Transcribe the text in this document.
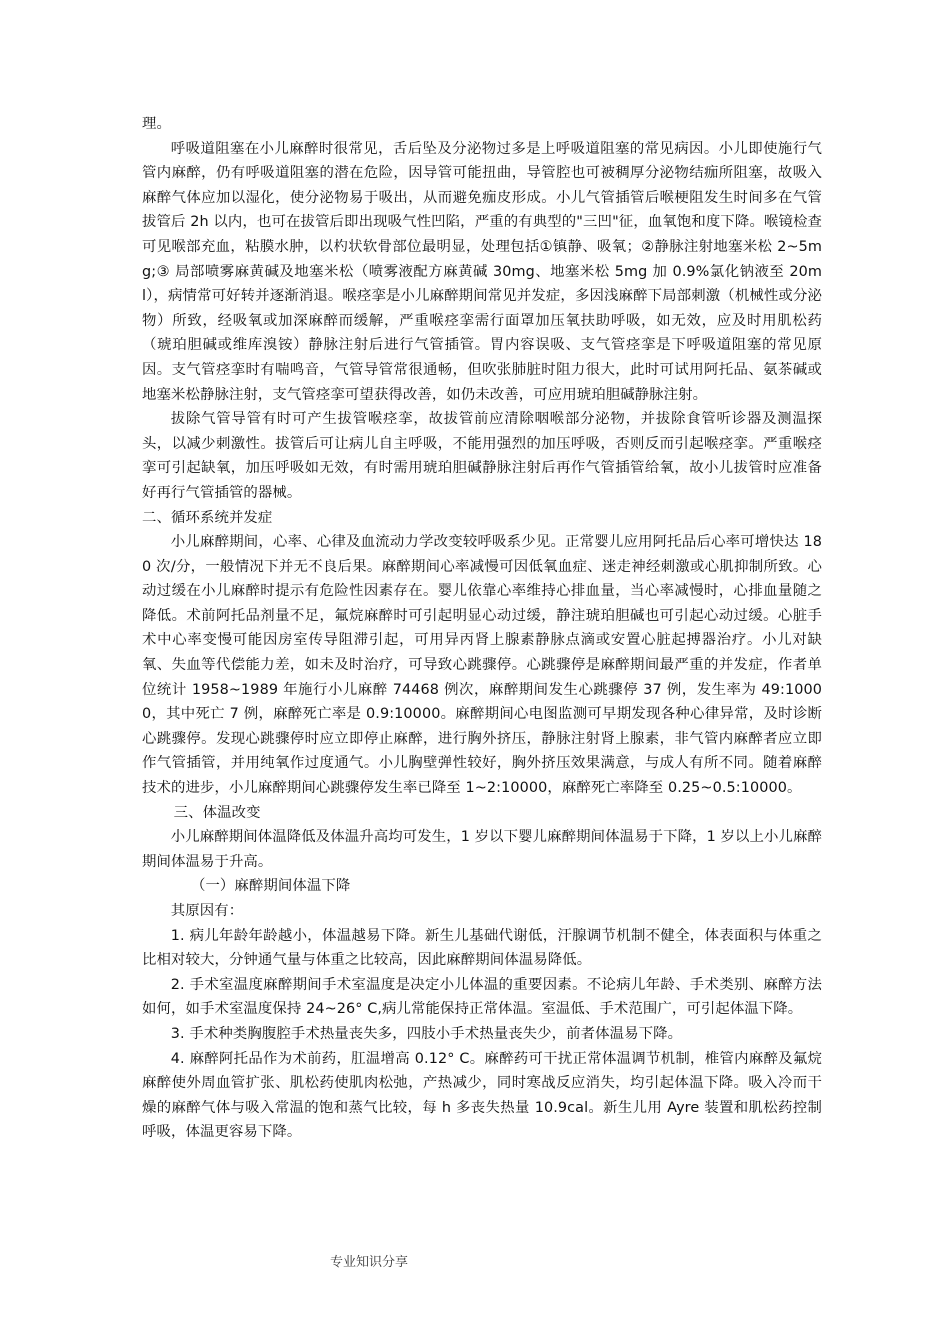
理。

呼吸道阻塞在小儿麻醉时很常见，舌后坠及分泌物过多是上呼吸道阻塞的常见病因。小儿即使施行气管内麻醉，仍有呼吸道阻塞的潜在危险，因导管可能扭曲，导管腔也可被稠厚分泌物结痂所阻塞，故吸入麻醉气体应加以湿化，使分泌物易于吸出，从而避免痂皮形成。小儿气管插管后喉梗阻发生时间多在气管拔管后 2h 以内，也可在拔管后即出现吸气性凹陷，严重的有典型的"三凹"征，血氧饱和度下降。喉镜检查可见喉部充血，粘膜水肿，以杓状软骨部位最明显，处理包括①镇静、吸氧；②静脉注射地塞米松 2~5mg;③ 局部喷雾麻黄碱及地塞米松（喷雾液配方麻黄碱 30mg、地塞米松 5mg 加 0.9%氯化钠液至 20ml），病情常可好转并逐渐消退。喉痉挛是小儿麻醉期间常见并发症，多因浅麻醉下局部刺激（机械性或分泌物）所致，经吸氧或加深麻醉而缓解，严重喉痉挛需行面罩加压氧扶助呼吸，如无效，应及时用肌松药（琥珀胆碱或维库溴铵）静脉注射后进行气管插管。胃内容误吸、支气管痉挛是下呼吸道阻塞的常见原因。支气管痉挛时有喘鸣音，气管导管常很通畅，但吹张肺脏时阻力很大，此时可试用阿托品、氨茶碱或地塞米松静脉注射，支气管痉挛可望获得改善，如仍未改善，可应用琥珀胆碱静脉注射。

拔除气管导管有时可产生拔管喉痉挛，故拔管前应清除咽喉部分泌物，并拔除食管听诊器及测温探头，以减少刺激性。拔管后可让病儿自主呼吸，不能用强烈的加压呼吸，否则反而引起喉痉挛。严重喉痉挛可引起缺氧，加压呼吸如无效，有时需用琥珀胆碱静脉注射后再作气管插管给氧，故小儿拔管时应准备好再行气管插管的器械。

二、循环系统并发症

小儿麻醉期间，心率、心律及血流动力学改变较呼吸系少见。正常婴儿应用阿托品后心率可增快达 180 次/分，一般情况下并无不良后果。麻醉期间心率减慢可因低氧血症、迷走神经刺激或心肌抑制所致。心动过缓在小儿麻醉时提示有危险性因素存在。婴儿依靠心率维持心排血量，当心率减慢时，心排血量随之降低。术前阿托品剂量不足，氟烷麻醉时可引起明显心动过缓，静注琥珀胆碱也可引起心动过缓。心脏手术中心率变慢可能因房室传导阻滞引起，可用异丙肾上腺素静脉点滴或安置心脏起搏器治疗。小儿对缺氧、失血等代偿能力差，如未及时治疗，可导致心跳骤停。心跳骤停是麻醉期间最严重的并发症，作者单位统计 1958~1989 年施行小儿麻醉 74468 例次，麻醉期间发生心跳骤停 37 例，发生率为 49:10000，其中死亡 7 例，麻醉死亡率是 0.9:10000。麻醉期间心电图监测可早期发现各种心律异常，及时诊断心跳骤停。发现心跳骤停时应立即停止麻醉，进行胸外挤压，静脉注射肾上腺素，非气管内麻醉者应立即作气管插管，并用纯氧作过度通气。小儿胸壁弹性较好，胸外挤压效果满意，与成人有所不同。随着麻醉技术的进步，小儿麻醉期间心跳骤停发生率已降至 1~2:10000，麻醉死亡率降至 0.25~0.5:10000。

三、体温改变

小儿麻醉期间体温降低及体温升高均可发生，1 岁以下婴儿麻醉期间体温易于下降，1 岁以上小儿麻醉期间体温易于升高。

（一）麻醉期间体温下降

其原因有：

1. 病儿年龄年龄越小，体温越易下降。新生儿基础代谢低，汗腺调节机制不健全，体表面积与体重之比相对较大，分钟通气量与体重之比较高，因此麻醉期间体温易降低。

2. 手术室温度麻醉期间手术室温度是决定小儿体温的重要因素。不论病儿年龄、手术类别、麻醉方法如何，如手术室温度保持 24~26° C,病儿常能保持正常体温。室温低、手术范围广，可引起体温下降。

3. 手术种类胸腹腔手术热量丧失多，四肢小手术热量丧失少，前者体温易下降。

4. 麻醉阿托品作为术前药，肛温增高 0.12° C。麻醉药可干扰正常体温调节机制，椎管内麻醉及氟烷麻醉使外周血管扩张、肌松药使肌肉松弛，产热减少，同时寒战反应消失，均引起体温下降。吸入冷而干燥的麻醉气体与吸入常温的饱和蒸气比较，每 h 多丧失热量 10.9cal。新生儿用 Ayre 装置和肌松药控制呼吸，体温更容易下降。

专业知识分享
